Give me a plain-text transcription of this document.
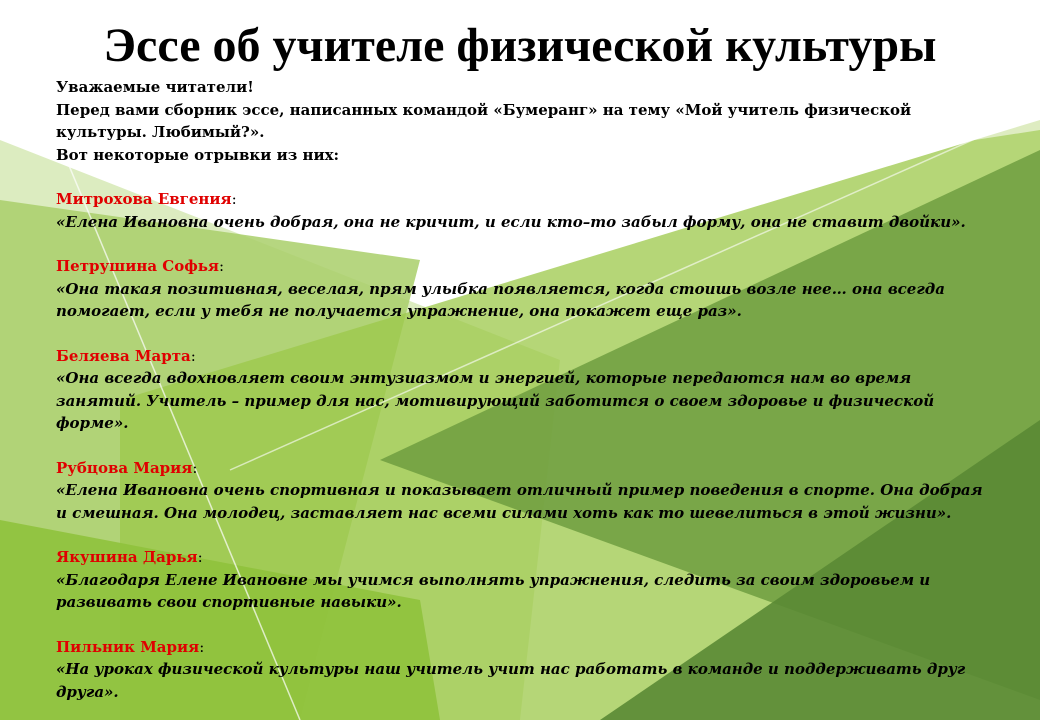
Эссе об учителе физической культуры

Уважаемые читатели!

Перед вами сборник эссе, написанных командой «Бумеранг» на тему «Мой учитель физической культуры. Любимый?».

Вот некоторые отрывки из них:

Митрохова Евгения:
«Елена Ивановна очень добрая, она не кричит, и если кто–то забыл форму, она не ставит двойки».
Петрушина Софья:
«Она такая позитивная, веселая, прям улыбка появляется, когда стоишь возле нее… она всегда помогает, если у тебя не получается упражнение, она покажет еще раз».
Беляева Марта:
«Она всегда вдохновляет своим энтузиазмом и энергией, которые передаются нам во время занятий. Учитель – пример для нас, мотивирующий заботится о своем здоровье и физической форме».
Рубцова Мария:
«Елена Ивановна очень спортивная и показывает отличный пример поведения в спорте. Она добрая и смешная. Она молодец, заставляет нас всеми силами хоть как то шевелиться в этой жизни».
Якушина Дарья:
«Благодаря Елене Ивановне мы учимся выполнять упражнения, следить за своим здоровьем и развивать свои спортивные навыки».
Пильник Мария:
«На уроках физической культуры наш учитель учит нас работать в команде и поддерживать друг друга».
